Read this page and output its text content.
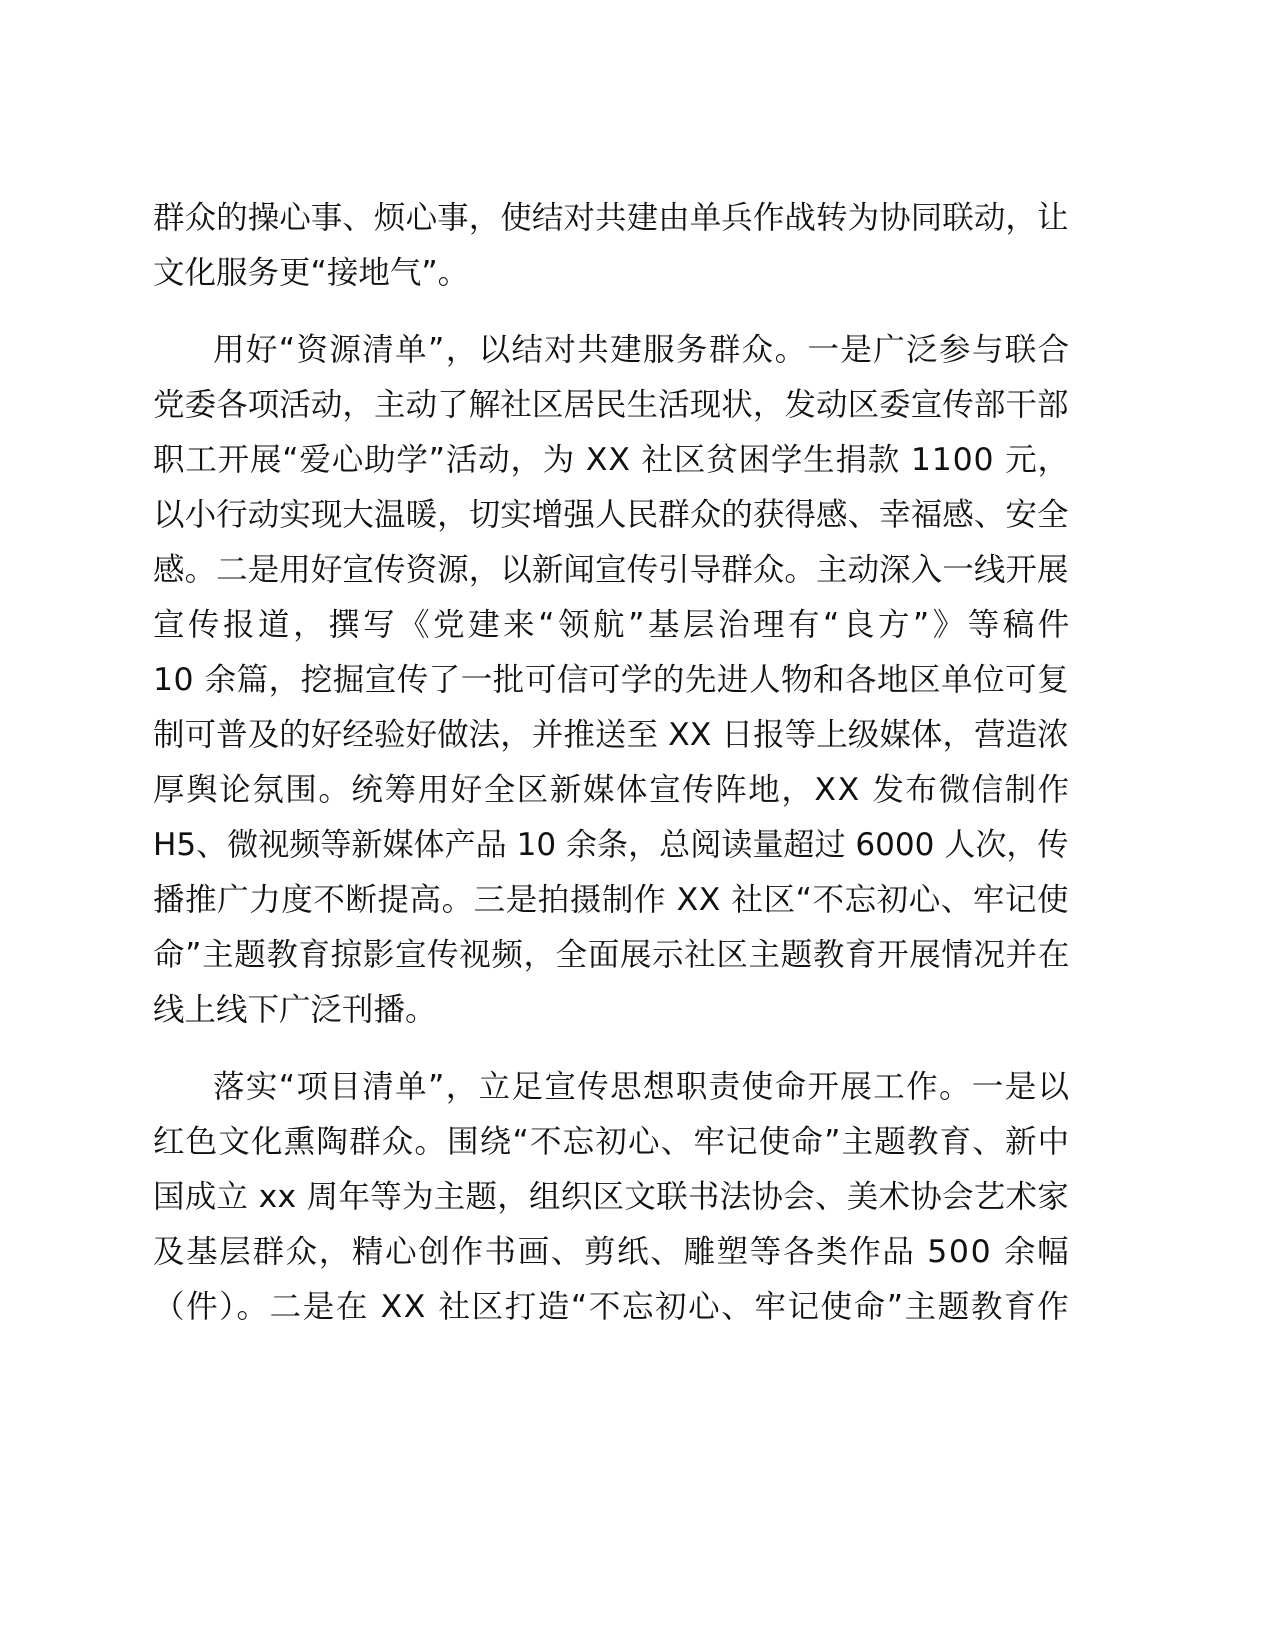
群众的操心事、烦心事，使结对共建由单兵作战转为协同联动，让
文化服务更“接地气”。
用好“资源清单”，以结对共建服务群众。一是广泛参与联合
党委各项活动，主动了解社区居民生活现状，发动区委宣传部干部
职工开展“爱心助学”活动，为 XX 社区贫困学生捐款 1100 元，
以小行动实现大温暖，切实增强人民群众的获得感、幸福感、安全
感。二是用好宣传资源，以新闻宣传引导群众。主动深入一线开展
宣传报道，撰写《党建来“领航”基层治理有“良方”》等稿件
10 余篇，挖掘宣传了一批可信可学的先进人物和各地区单位可复
制可普及的好经验好做法，并推送至 XX 日报等上级媒体，营造浓
厚舆论氛围。统筹用好全区新媒体宣传阵地，XX 发布微信制作
H5、微视频等新媒体产品 10 余条，总阅读量超过 6000 人次，传
播推广力度不断提高。三是拍摄制作 XX 社区“不忘初心、牢记使
命”主题教育掠影宣传视频，全面展示社区主题教育开展情况并在
线上线下广泛刊播。
落实“项目清单”，立足宣传思想职责使命开展工作。一是以
红色文化熏陶群众。围绕“不忘初心、牢记使命”主题教育、新中
国成立 xx 周年等为主题，组织区文联书法协会、美术协会艺术家
及基层群众，精心创作书画、剪纸、雕塑等各类作品 500 余幅
（件）。二是在 XX 社区打造“不忘初心、牢记使命”主题教育作
